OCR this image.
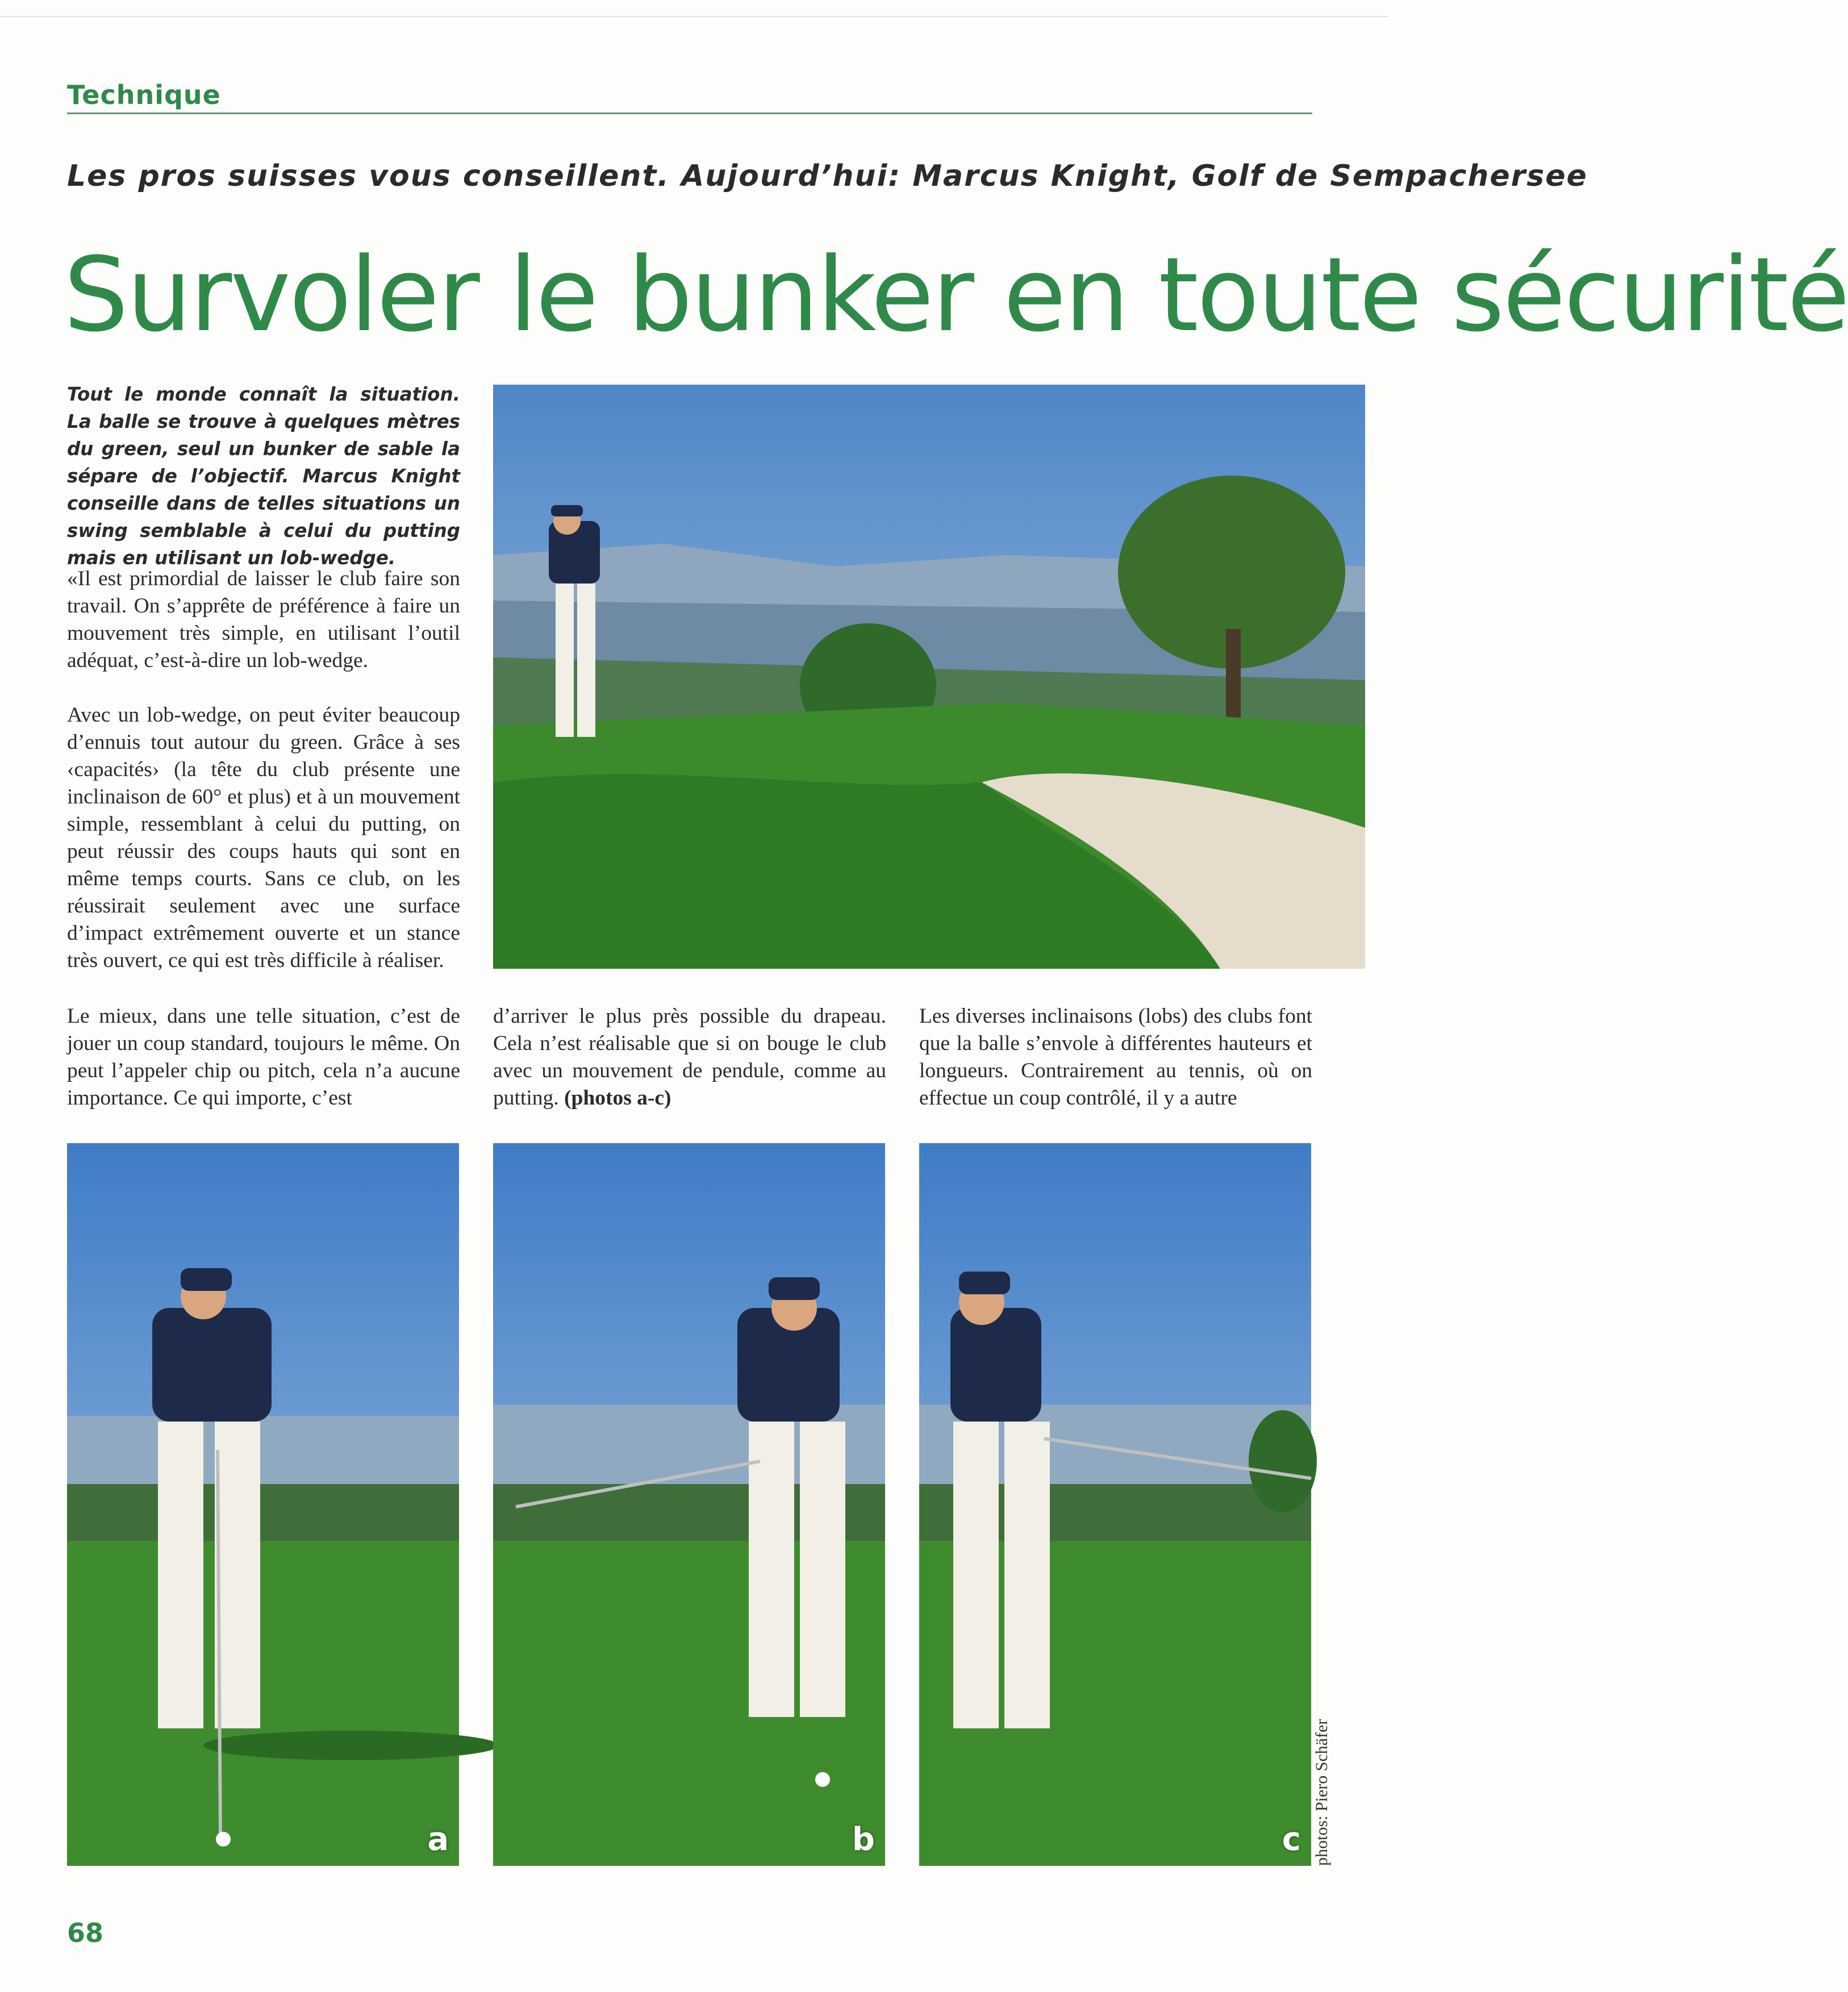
Technique
Les pros suisses vous conseillent. Aujourd’hui: Marcus Knight, Golf de Sempachersee
Survoler le bunker en toute sécurité
Tout le monde connaît la situation. La balle se trouve à quelques mètres du green, seul un bunker de sable la sépare de l’objectif. Marcus Knight conseille dans de telles situations un swing semblable à celui du putting mais en utilisant un lob-wedge.

«Il est primordial de laisser le club faire son travail. On s’apprête de préférence à faire un mouvement très simple, en utilisant l’outil adéquat, c’est-à-dire un lob-wedge.

Avec un lob-wedge, on peut éviter beaucoup d’ennuis tout autour du green. Grâce à ses ‹capacités› (la tête du club présente une inclinaison de 60° et plus) et à un mouvement simple, ressemblant à celui du putting, on peut réussir des coups hauts qui sont en même temps courts. Sans ce club, on les réussirait seulement avec une surface d’impact extrêmement ouverte et un stance très ouvert, ce qui est très difficile à réaliser.

Le mieux, dans une telle situation, c’est de jouer un coup standard, toujours le même. On peut l’appeler chip ou pitch, cela n’a aucune importance. Ce qui importe, c’est

d’arriver le plus près possible du drapeau. Cela n’est réalisable que si on bouge le club avec un mouvement de pendule, comme au putting. (photos a-c)

Les diverses inclinaisons (lobs) des clubs font que la balle s’envole à différentes hauteurs et longueurs. Contrairement au tennis, où on effectue un coup contrôlé, il y a autre

a	b	c photos: Piero Schäfer
68
